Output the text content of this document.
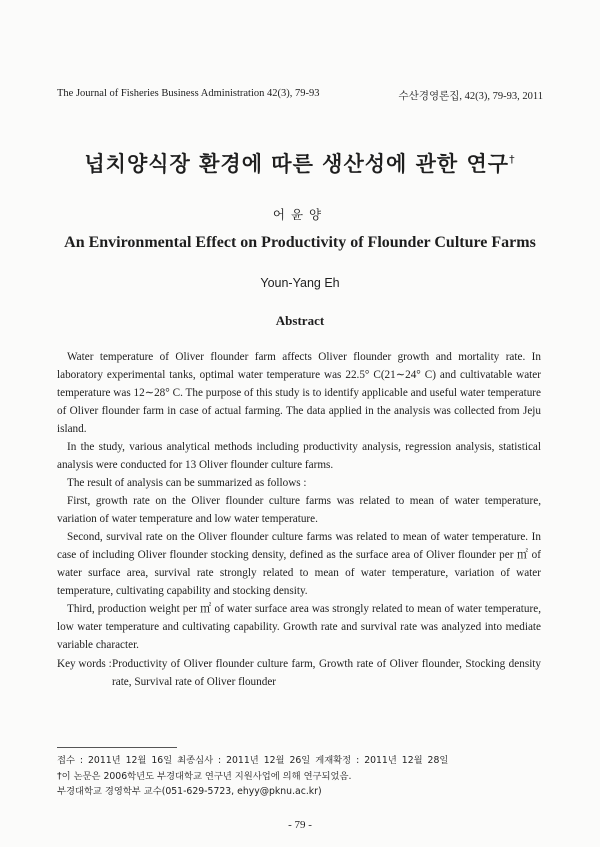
The Journal of Fisheries Business Administration 42(3), 79-93	수산경영론집, 42(3), 79-93, 2011
넙치양식장 환경에 따른 생산성에 관한 연구†
어윤양
An Environmental Effect on Productivity of Flounder Culture Farms
Youn-Yang Eh
Abstract

Water temperature of Oliver flounder farm affects Oliver flounder growth and mortality rate. In laboratory experimental tanks, optimal water temperature was 22.5° C(21∼24° C) and cultivatable water temperature was 12∼28° C. The purpose of this study is to identify applicable and useful water temperature of Oliver flounder farm in case of actual farming. The data applied in the analysis was collected from Jeju island.

In the study, various analytical methods including productivity analysis, regression analysis, statistical analysis were conducted for 13 Oliver flounder culture farms.

The result of analysis can be summarized as follows :

First, growth rate on the Oliver flounder culture farms was related to mean of water temperature, variation of water temperature and low water temperature.

Second, survival rate on the Oliver flounder culture farms was related to mean of water temperature. In case of including Oliver flounder stocking density, defined as the surface area of Oliver flounder per ㎡ of water surface area, survival rate strongly related to mean of water temperature, variation of water temperature, cultivating capability and stocking density.

Third, production weight per ㎡ of water surface area was strongly related to mean of water temperature, low water temperature and cultivating capability. Growth rate and survival rate was analyzed into mediate variable character.

Key words : Productivity of Oliver flounder culture farm, Growth rate of Oliver flounder, Stocking density rate, Survival rate of Oliver flounder
접수 : 2011년 12월 16일 최종심사 : 2011년 12월 26일 게재확정 : 2011년 12월 28일
†이 논문은 2006학년도 부경대학교 연구년 지원사업에 의해 연구되었음.
부경대학교 경영학부 교수(051-629-5723, ehyy@pknu.ac.kr)
- 79 -
